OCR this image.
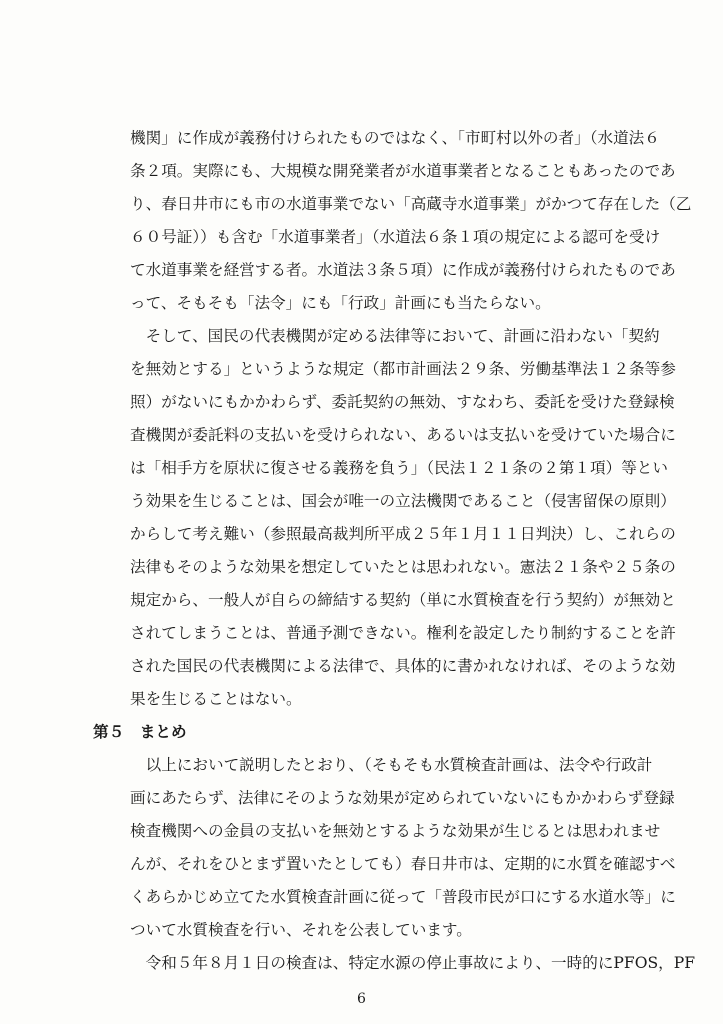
機関」に作成が義務付けられたものではなく、「市町村以外の者」（水道法６
条２項。実際にも、大規模な開発業者が水道事業者となることもあったのであ
り、春日井市にも市の水道事業でない「高蔵寺水道事業」がかつて存在した（乙
６０号証））も含む「水道事業者」（水道法６条１項の規定による認可を受け
て水道事業を経営する者。水道法３条５項）に作成が義務付けられたものであ
って、そもそも「法令」にも「行政」計画にも当たらない。
　そして、国民の代表機関が定める法律等において、計画に沿わない「契約
を無効とする」というような規定（都市計画法２９条、労働基準法１２条等参
照）がないにもかかわらず、委託契約の無効、すなわち、委託を受けた登録検
査機関が委託料の支払いを受けられない、あるいは支払いを受けていた場合に
は「相手方を原状に復させる義務を負う」（民法１２１条の２第１項）等とい
う効果を生じることは、国会が唯一の立法機関であること（侵害留保の原則）
からして考え難い（参照最高裁判所平成２５年１月１１日判決）し、これらの
法律もそのような効果を想定していたとは思われない。憲法２１条や２５条の
規定から、一般人が自らの締結する契約（単に水質検査を行う契約）が無効と
されてしまうことは、普通予測できない。権利を設定したり制約することを許
された国民の代表機関による法律で、具体的に書かれなければ、そのような効
果を生じることはない。
第５　まとめ
　以上において説明したとおり、（そもそも水質検査計画は、法令や行政計
画にあたらず、法律にそのような効果が定められていないにもかかわらず登録
検査機関への金員の支払いを無効とするような効果が生じるとは思われませ
んが、それをひとまず置いたとしても）春日井市は、定期的に水質を確認すべ
くあらかじめ立てた水質検査計画に従って「普段市民が口にする水道水等」に
ついて水質検査を行い、それを公表しています。
　令和５年８月１日の検査は、特定水源の停止事故により、一時的にPFOS，PF
6
